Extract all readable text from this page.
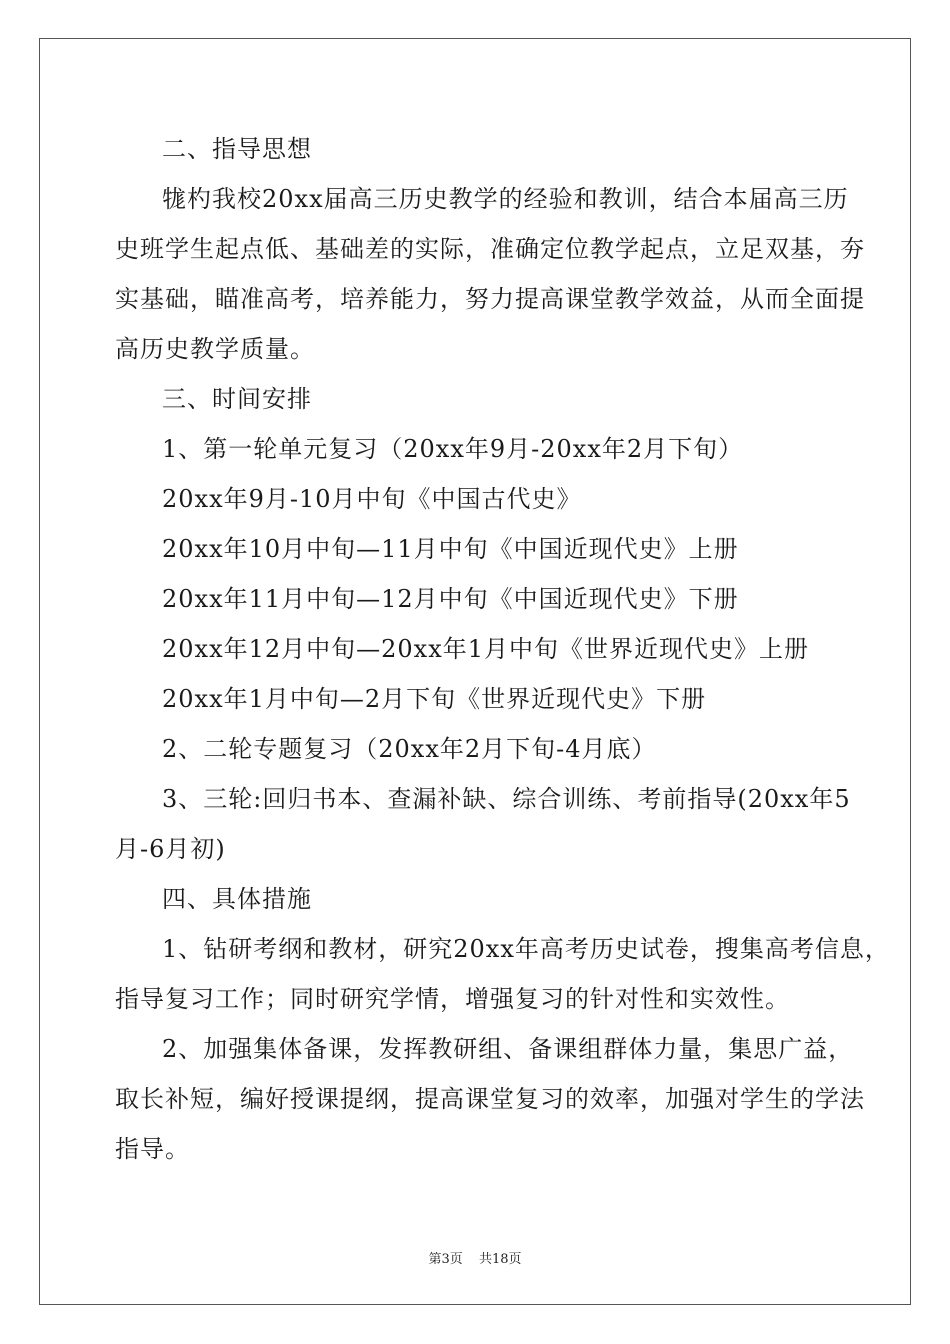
二、指导思想
牻杓我校20xx届高三历史教学的经验和教训，结合本届高三历
史班学生起点低、基础差的实际，准确定位教学起点，立足双基，夯
实基础，瞄准高考，培养能力，努力提高课堂教学效益，从而全面提
高历史教学质量。
三、时间安排
1、第一轮单元复习（20xx年9月-20xx年2月下旬）
20xx年9月-10月中旬《中国古代史》
20xx年10月中旬—11月中旬《中国近现代史》上册
20xx年11月中旬—12月中旬《中国近现代史》下册
20xx年12月中旬—20xx年1月中旬《世界近现代史》上册
20xx年1月中旬—2月下旬《世界近现代史》下册
2、二轮专题复习（20xx年2月下旬-4月底）
3、三轮:回归书本、查漏补缺、综合训练、考前指导(20xx年5
月-6月初)
四、具体措施
1、钻研考纲和教材，研究20xx年高考历史试卷，搜集高考信息，
指导复习工作；同时研究学情，增强复习的针对性和实效性。
2、加强集体备课，发挥教研组、备课组群体力量，集思广益，
取长补短，编好授课提纲，提高课堂复习的效率，加强对学生的学法
指导。
第3页 共18页
